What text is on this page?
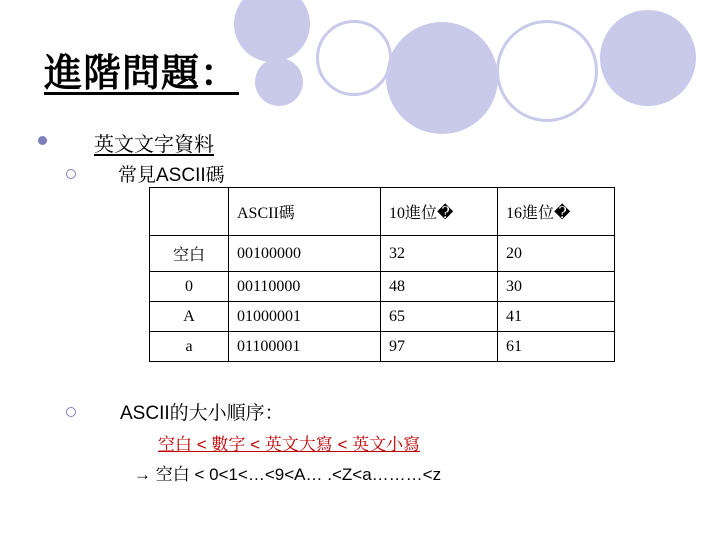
進階問題：
英文文字資料
常見ASCII碼
	ASCII碼	10進位�	16進位�
空白	00100000	32	20
0	00110000	48	30
A	01000001	65	41
a	01100001	97	61
ASCII的大小順序：
空白 < 數字 < 英文大寫 < 英文小寫
→ 空白 < 0<1<…<9<A… .<Z<a………<z
